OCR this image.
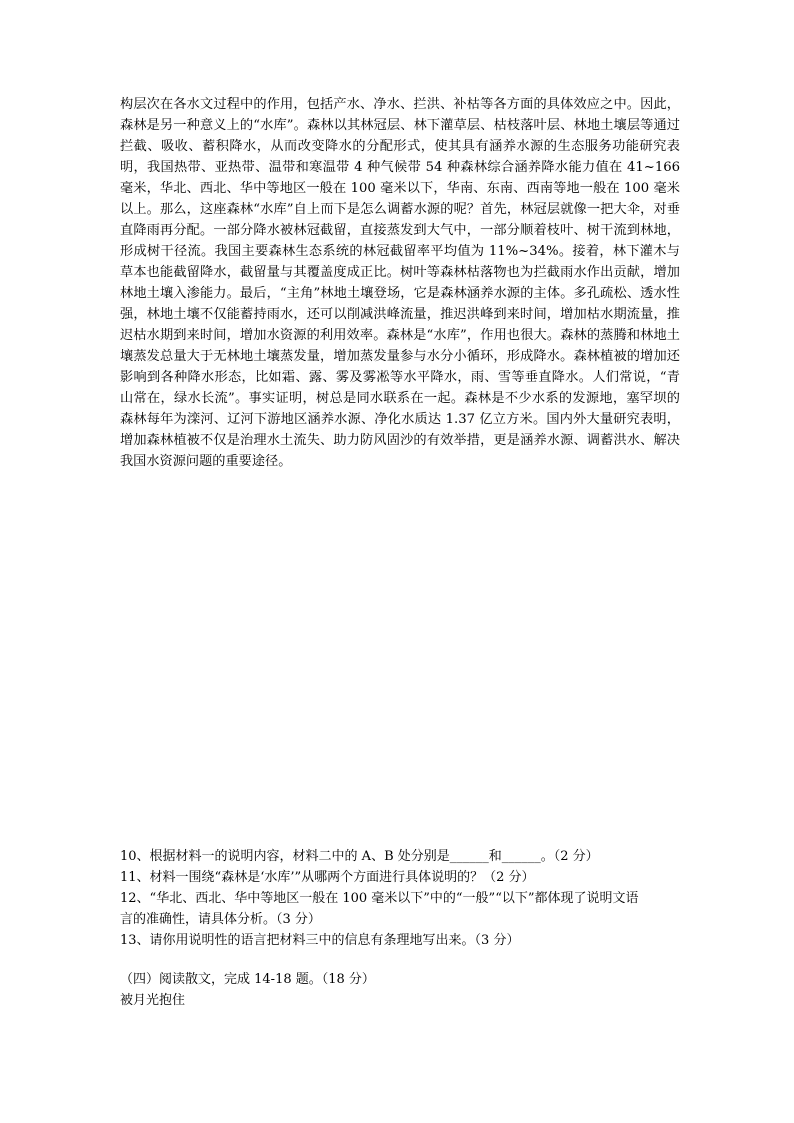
构层次在各水文过程中的作用，包括产水、净水、拦洪、补枯等各方面的具体效应之中。因此，森林是另一种意义上的“水库”。森林以其林冠层、林下灌草层、枯枝落叶层、林地土壤层等通过拦截、吸收、蓄积降水，从而改变降水的分配形式，使其具有涵养水源的生态服务功能研究表明，我国热带、亚热带、温带和寒温带 4 种气候带 54 种森林综合涵养降水能力值在 41~166 毫米，华北、西北、华中等地区一般在 100 毫米以下，华南、东南、西南等地一般在 100 毫米以上。那么，这座森林“水库”自上而下是怎么调蓄水源的呢？首先，林冠层就像一把大伞，对垂直降雨再分配。一部分降水被林冠截留，直接蒸发到大气中，一部分顺着枝叶、树干流到林地，形成树干径流。我国主要森林生态系统的林冠截留率平均值为 11%~34%。接着，林下灌木与草本也能截留降水，截留量与其覆盖度成正比。树叶等森林枯落物也为拦截雨水作出贡献，增加林地土壤入渗能力。最后，“主角”林地土壤登场，它是森林涵养水源的主体。多孔疏松、透水性强，林地土壤不仅能蓄持雨水，还可以削减洪峰流量，推迟洪峰到来时间，增加枯水期流量，推迟枯水期到来时间，增加水资源的利用效率。森林是“水库”，作用也很大。森林的蒸腾和林地土壤蒸发总量大于无林地土壤蒸发量，增加蒸发量参与水分小循环，形成降水。森林植被的增加还影响到各种降水形态，比如霜、露、雾及雾凇等水平降水，雨、雪等垂直降水。人们常说，“青山常在，绿水长流”。事实证明，树总是同水联系在一起。森林是不少水系的发源地，塞罕坝的森林每年为滦河、辽河下游地区涵养水源、净化水质达 1.37 亿立方米。国内外大量研究表明，增加森林植被不仅是治理水土流失、助力防风固沙的有效举措，更是涵养水源、调蓄洪水、解决我国水资源问题的重要途径。

10、根据材料一的说明内容，材料二中的 A、B 处分别是______和______。（2 分）

11、材料一围绕“森林是‘水库’”从哪两个方面进行具体说明的？（2 分）

12、“华北、西北、华中等地区一般在 100 毫米以下”中的“一般”“以下”都体现了说明文语言的准确性，请具体分析。（3 分）

13、请你用说明性的语言把材料三中的信息有条理地写出来。（3 分）

（四）阅读散文，完成 14-18 题。（18 分）
被月光抱住
